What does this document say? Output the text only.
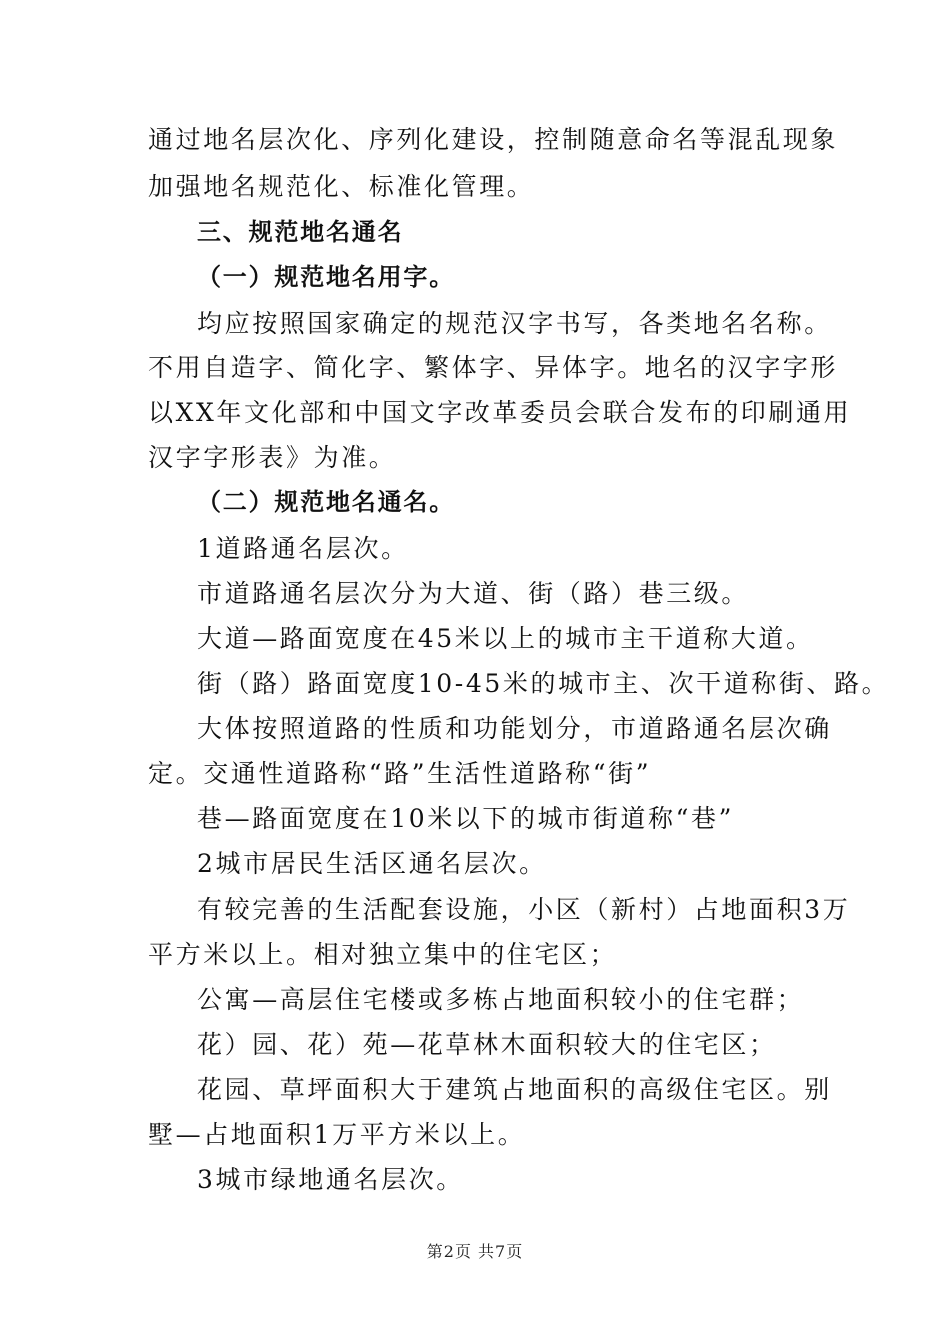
通过地名层次化、序列化建设，控制随意命名等混乱现象
加强地名规范化、标准化管理。
三、规范地名通名
（一）规范地名用字。
均应按照国家确定的规范汉字书写，各类地名名称。
不用自造字、简化字、繁体字、异体字。地名的汉字字形
以XX年文化部和中国文字改革委员会联合发布的印刷通用
汉字字形表》为准。
（二）规范地名通名。
1道路通名层次。
市道路通名层次分为大道、街（路）巷三级。
大道—路面宽度在45米以上的城市主干道称大道。
街（路）路面宽度10-45米的城市主、次干道称街、路。
大体按照道路的性质和功能划分，市道路通名层次确
定。交通性道路称“路”生活性道路称“街”
巷—路面宽度在10米以下的城市街道称“巷”
2城市居民生活区通名层次。
有较完善的生活配套设施，小区（新村）占地面积3万
平方米以上。相对独立集中的住宅区；
公寓—高层住宅楼或多栋占地面积较小的住宅群；
花）园、花）苑—花草林木面积较大的住宅区；
花园、草坪面积大于建筑占地面积的高级住宅区。别
墅—占地面积1万平方米以上。
3城市绿地通名层次。
第2页 共7页
